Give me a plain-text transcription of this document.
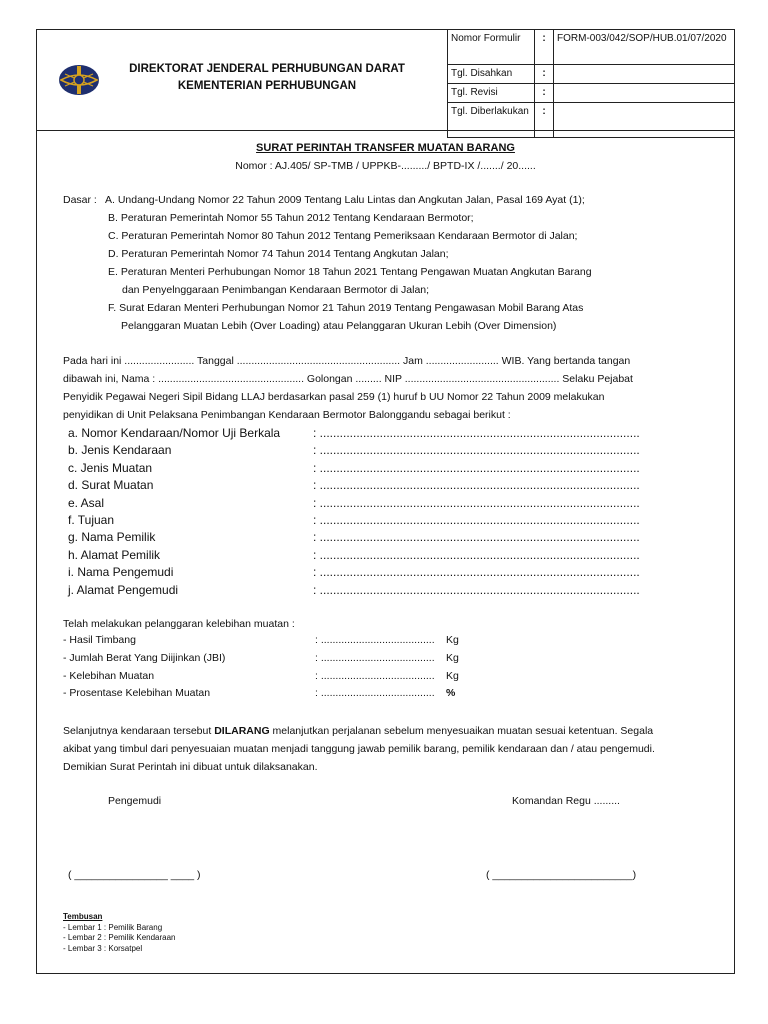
DIREKTORAT JENDERAL PERHUBUNGAN DARAT
KEMENTERIAN PERHUBUNGAN
Nomor Formulir	:	FORM-003/042/SOP/HUB.01/07/2020
Tgl. Disahkan	:	
Tgl. Revisi	:	
Tgl. Diberlakukan	:	
SURAT PERINTAH TRANSFER MUATAN BARANG
Nomor : AJ.405/ SP-TMB / UPPKB-........./ BPTD-IX /......./ 20......
Dasar : A. Undang-Undang Nomor 22 Tahun 2009 Tentang Lalu Lintas dan Angkutan Jalan, Pasal 169 Ayat (1);
B. Peraturan Pemerintah Nomor 55 Tahun 2012 Tentang Kendaraan Bermotor;
C. Peraturan Pemerintah Nomor 80 Tahun 2012 Tentang Pemeriksaan Kendaraan Bermotor di Jalan;
D. Peraturan Pemerintah Nomor 74 Tahun 2014 Tentang Angkutan Jalan;
E. Peraturan Menteri Perhubungan Nomor 18 Tahun 2021 Tentang Pengawan Muatan Angkutan Barang
dan Penyelnggaraan Penimbangan Kendaraan Bermotor di Jalan;
F. Surat Edaran Menteri Perhubungan Nomor 21 Tahun 2019 Tentang Pengawasan Mobil Barang Atas
Pelanggaran Muatan Lebih (Over Loading) atau Pelanggaran Ukuran Lebih (Over Dimension)
Pada hari ini ........................ Tanggal ........................................................ Jam ......................... WIB. Yang bertanda tangan
dibawah ini, Nama : .................................................. Golongan ......... NIP ..................................................... Selaku Pejabat
Penyidik Pegawai Negeri Sipil Bidang LLAJ berdasarkan pasal 259 (1) huruf b UU Nomor 22 Tahun 2009 melakukan
penyidikan di Unit Pelaksana Penimbangan Kendaraan Bermotor Balonggandu sebagai berikut :
a. Nomor Kendaraan/Nomor Uji Berkala	: ................................................................................................
b. Jenis Kendaraan	: ................................................................................................
c. Jenis Muatan	: ................................................................................................
d. Surat Muatan	: ................................................................................................
e. Asal	: ................................................................................................
f. Tujuan	: ................................................................................................
g. Nama Pemilik	: ................................................................................................
h. Alamat Pemilik	: ................................................................................................
i. Nama Pengemudi	: ................................................................................................
j. Alamat Pengemudi	: ................................................................................................
Telah melakukan pelanggaran kelebihan muatan :
- Hasil Timbang	: ....................................... Kg
- Jumlah Berat Yang Diijinkan (JBI)	: ....................................... Kg
- Kelebihan Muatan	: ....................................... Kg
- Prosentase Kelebihan Muatan	: ....................................... %
Selanjutnya kendaraan tersebut DILARANG melanjutkan perjalanan sebelum menyesuaikan muatan sesuai ketentuan. Segala
akibat yang timbul dari penyesuaian muatan menjadi tanggung jawab pemilik barang, pemilik kendaraan dan / atau pengemudi.
Demikian Surat Perintah ini dibuat untuk dilaksanakan.
Pengemudi	Komandan Regu .........
( ________________ ____ )	( ________________________)
Tembusan
- Lembar 1 : Pemilik Barang
- Lembar 2 : Pemilik Kendaraan
- Lembar 3 : Korsatpel
